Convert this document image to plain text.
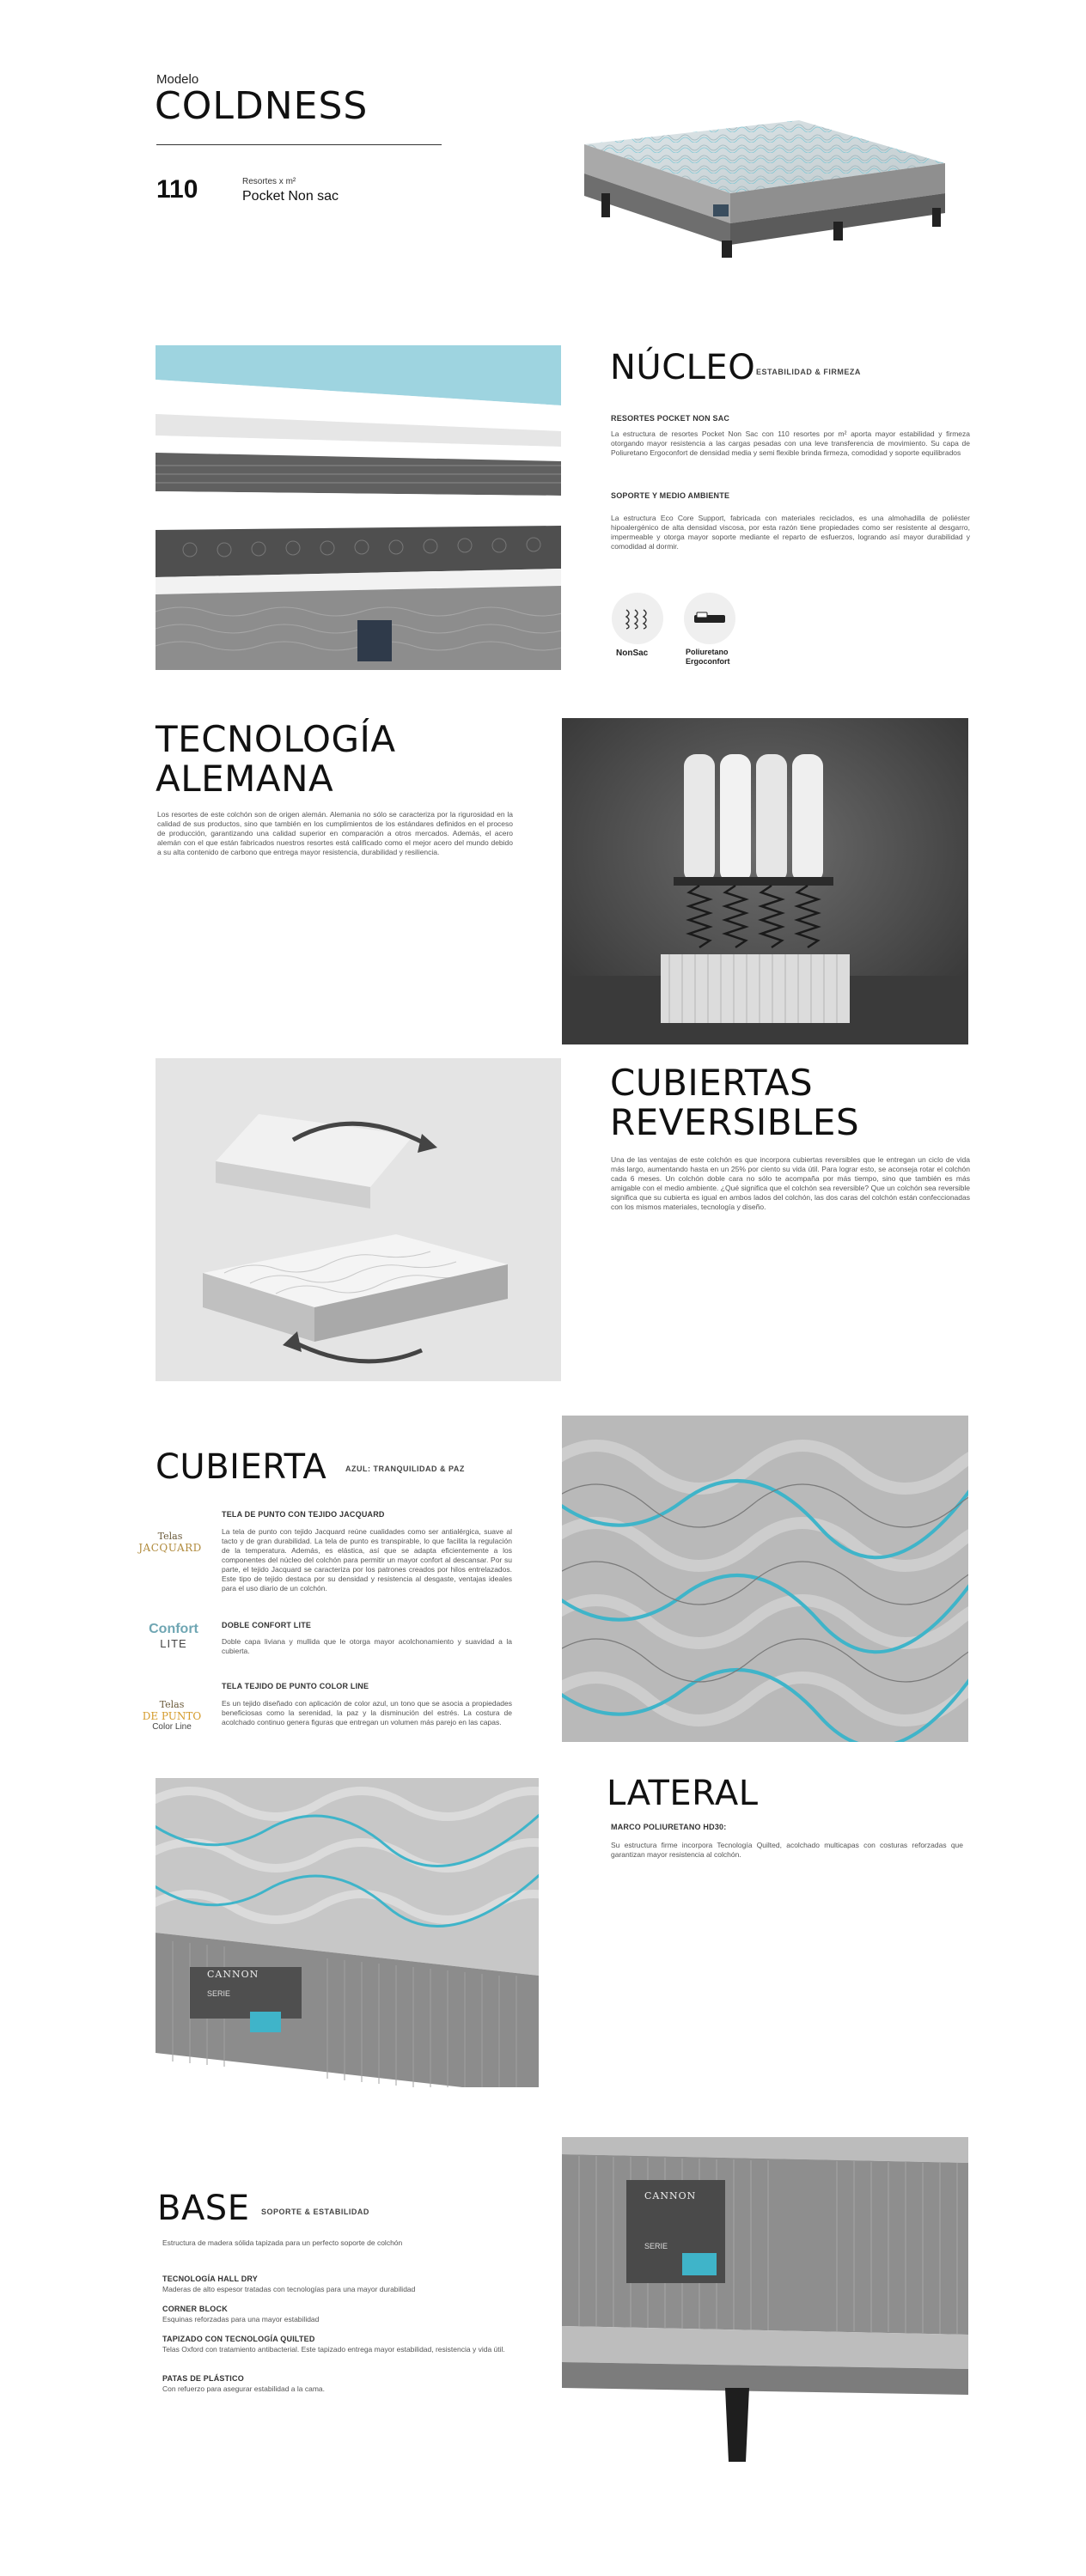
Modelo
COLDNESS
110	Resortes x m²
Pocket Non sac
NÚCLEO ESTABILIDAD & FIRMEZA
RESORTES POCKET NON SAC
La estructura de resortes Pocket Non Sac con 110 resortes por m² aporta mayor estabilidad y firmeza otorgando mayor resistencia a las cargas pesadas con una leve transferencia de movimiento. Su capa de Poliuretano Ergoconfort de densidad media y semi flexible brinda firmeza, comodidad y soporte equilibrados
SOPORTE Y MEDIO AMBIENTE
La estructura Eco Core Support, fabricada con materiales reciclados, es una almohadilla de poliéster hipoalergénico de alta densidad viscosa, por esta razón tiene propiedades como ser resistente al desgarro, impermeable y otorga mayor soporte mediante el reparto de esfuerzos, logrando así mayor durabilidad y comodidad al dormir.
NonSac	Poliuretano
Ergoconfort
TECNOLOGÍA
ALEMANA
Los resortes de este colchón son de origen alemán. Alemania no sólo se caracteriza por la rigurosidad en la calidad de sus productos, sino que también en los cumplimientos de los estándares definidos en el proceso de producción, garantizando una calidad superior en comparación a otros mercados. Además, el acero alemán con el que están fabricados nuestros resortes está calificado como el mejor acero del mundo debido a su alta contenido de carbono que entrega mayor resistencia, durabilidad y resiliencia.
CUBIERTAS
REVERSIBLES
Una de las ventajas de este colchón es que incorpora cubiertas reversibles que le entregan un ciclo de vida más largo, aumentando hasta en un 25% por ciento su vida útil. Para lograr esto, se aconseja rotar el colchón cada 6 meses. Un colchón doble cara no sólo te acompaña por más tiempo, sino que también es más amigable con el medio ambiente. ¿Qué significa que el colchón sea reversible? Que un colchón sea reversible significa que su cubierta es igual en ambos lados del colchón, las dos caras del colchón están confeccionadas con los mismos materiales, tecnología y diseño.
CUBIERTA AZUL: TRANQUILIDAD & PAZ
Telas
JACQUARD
TELA DE PUNTO CON TEJIDO JACQUARD
La tela de punto con tejido Jacquard reúne cualidades como ser antialérgica, suave al tacto y de gran durabilidad. La tela de punto es transpirable, lo que facilita la regulación de la temperatura. Además, es elástica, así que se adapta eficientemente a los componentes del núcleo del colchón para permitir un mayor confort al descansar. Por su parte, el tejido Jacquard se caracteriza por los patrones creados por hilos entrelazados. Este tipo de tejido destaca por su densidad y resistencia al desgaste, ventajas ideales para el uso diario de un colchón.
Confort
LITE
DOBLE CONFORT LITE
Doble capa liviana y mullida que le otorga mayor acolchonamiento y suavidad a la cubierta.
Telas
DE PUNTO
Color Line
TELA TEJIDO DE PUNTO COLOR LINE
Es un tejido diseñado con aplicación de color azul, un tono que se asocia a propiedades beneficiosas como la serenidad, la paz y la disminución del estrés. La costura de acolchado continuo genera figuras que entregan un volumen más parejo en las capas.
CANNON
SERIE
LATERAL
MARCO POLIURETANO HD30:
Su estructura firme incorpora Tecnología Quilted, acolchado multicapas con costuras reforzadas que garantizan mayor resistencia al colchón.
BASE SOPORTE & ESTABILIDAD
Estructura de madera sólida tapizada para un perfecto soporte de colchón
TECNOLOGÍA HALL DRY
Maderas de alto espesor tratadas con tecnologías para una mayor durabilidad
CORNER BLOCK
Esquinas reforzadas para una mayor estabilidad
TAPIZADO CON TECNOLOGÍA QUILTED
Telas Oxford con tratamiento antibacterial. Este tapizado entrega mayor estabilidad, resistencia y vida útil.
PATAS DE PLÁSTICO
Con refuerzo para asegurar estabilidad a la cama.
CANNON
SERIE
